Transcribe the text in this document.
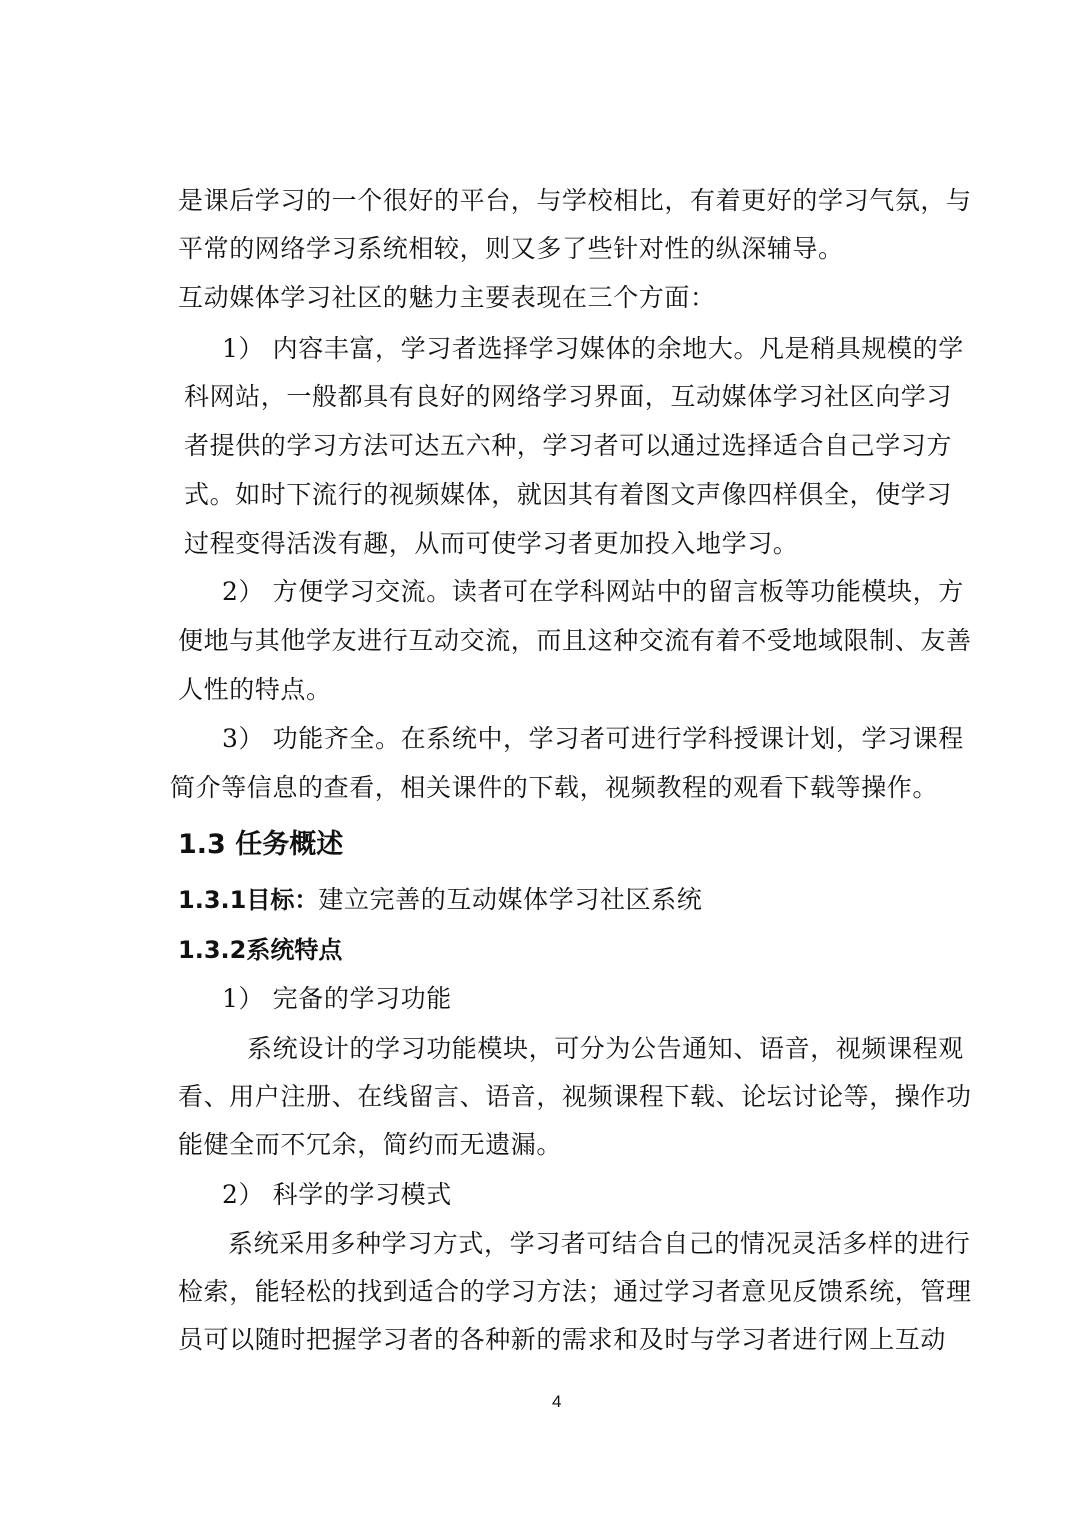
是课后学习的一个很好的平台，与学校相比，有着更好的学习气氛，与
平常的网络学习系统相较，则又多了些针对性的纵深辅导。
互动媒体学习社区的魅力主要表现在三个方面：
1） 内容丰富，学习者选择学习媒体的余地大。凡是稍具规模的学
科网站，一般都具有良好的网络学习界面，互动媒体学习社区向学习
者提供的学习方法可达五六种，学习者可以通过选择适合自己学习方
式。如时下流行的视频媒体，就因其有着图文声像四样俱全，使学习
过程变得活泼有趣，从而可使学习者更加投入地学习。
2） 方便学习交流。读者可在学科网站中的留言板等功能模块，方
便地与其他学友进行互动交流，而且这种交流有着不受地域限制、友善
人性的特点。
3） 功能齐全。在系统中，学习者可进行学科授课计划，学习课程
简介等信息的查看，相关课件的下载，视频教程的观看下载等操作。
1.3 任务概述
1.3.1目标：建立完善的互动媒体学习社区系统
1.3.2系统特点
1） 完备的学习功能
系统设计的学习功能模块，可分为公告通知、语音，视频课程观
看、用户注册、在线留言、语音，视频课程下载、论坛讨论等，操作功
能健全而不冗余，简约而无遗漏。
2） 科学的学习模式
系统采用多种学习方式，学习者可结合自己的情况灵活多样的进行
检索，能轻松的找到适合的学习方法；通过学习者意见反馈系统，管理
员可以随时把握学习者的各种新的需求和及时与学习者进行网上互动
4
